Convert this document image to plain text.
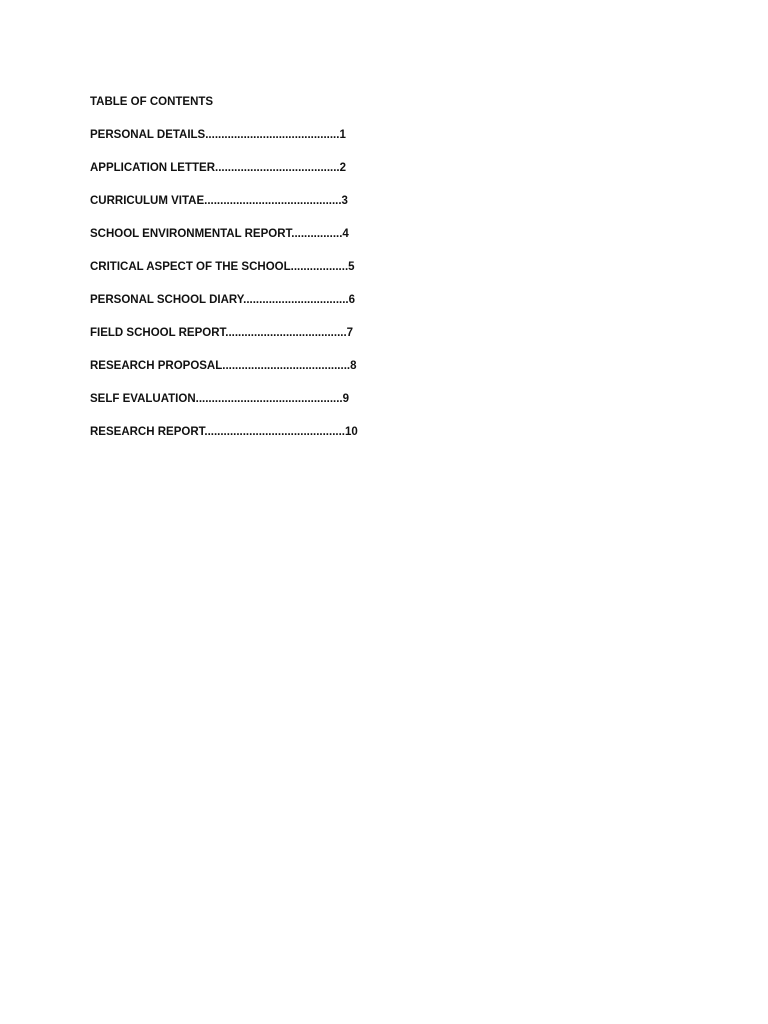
TABLE OF CONTENTS
PERSONAL DETAILS..........................................1
APPLICATION LETTER.......................................2
CURRICULUM VITAE...........................................3
SCHOOL ENVIRONMENTAL REPORT................4
CRITICAL ASPECT OF THE SCHOOL..................5
PERSONAL SCHOOL DIARY.................................6
FIELD SCHOOL REPORT......................................7
RESEARCH PROPOSAL........................................8
SELF EVALUATION..............................................9
RESEARCH REPORT............................................10
